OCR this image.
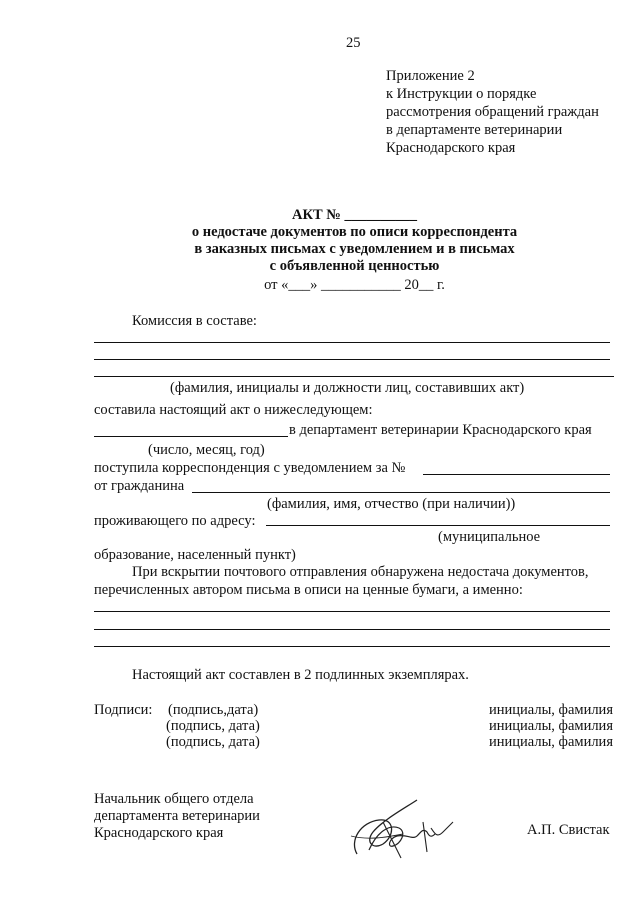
25
Приложение 2
к Инструкции о порядке
рассмотрения обращений граждан
в департаменте ветеринарии
Краснодарского края
АКТ № __________
о недостаче документов по описи корреспондента
в заказных письмах с уведомлением и в письмах
с объявленной ценностью
от «___» ___________ 20__ г.
Комиссия в составе:
(фамилия, инициалы и должности лиц, составивших акт)
составила настоящий акт о нижеследующем:
в департамент ветеринарии Краснодарского края
(число, месяц, год)
поступила корреспонденция с уведомлением за №
от гражданина
(фамилия, имя, отчество (при наличии))
проживающего по адресу:
(муниципальное
образование, населенный пункт)
При вскрытии почтового отправления обнаружена недостача документов,
перечисленных автором письма в описи на ценные бумаги, а именно:
Настоящий акт составлен в 2 подлинных экземплярах.
Подписи: (подпись,дата)	инициалы, фамилия
(подпись, дата)	инициалы, фамилия
(подпись, дата)	инициалы, фамилия
Начальник общего отдела
департамента ветеринарии
Краснодарского края	А.П. Свистак
